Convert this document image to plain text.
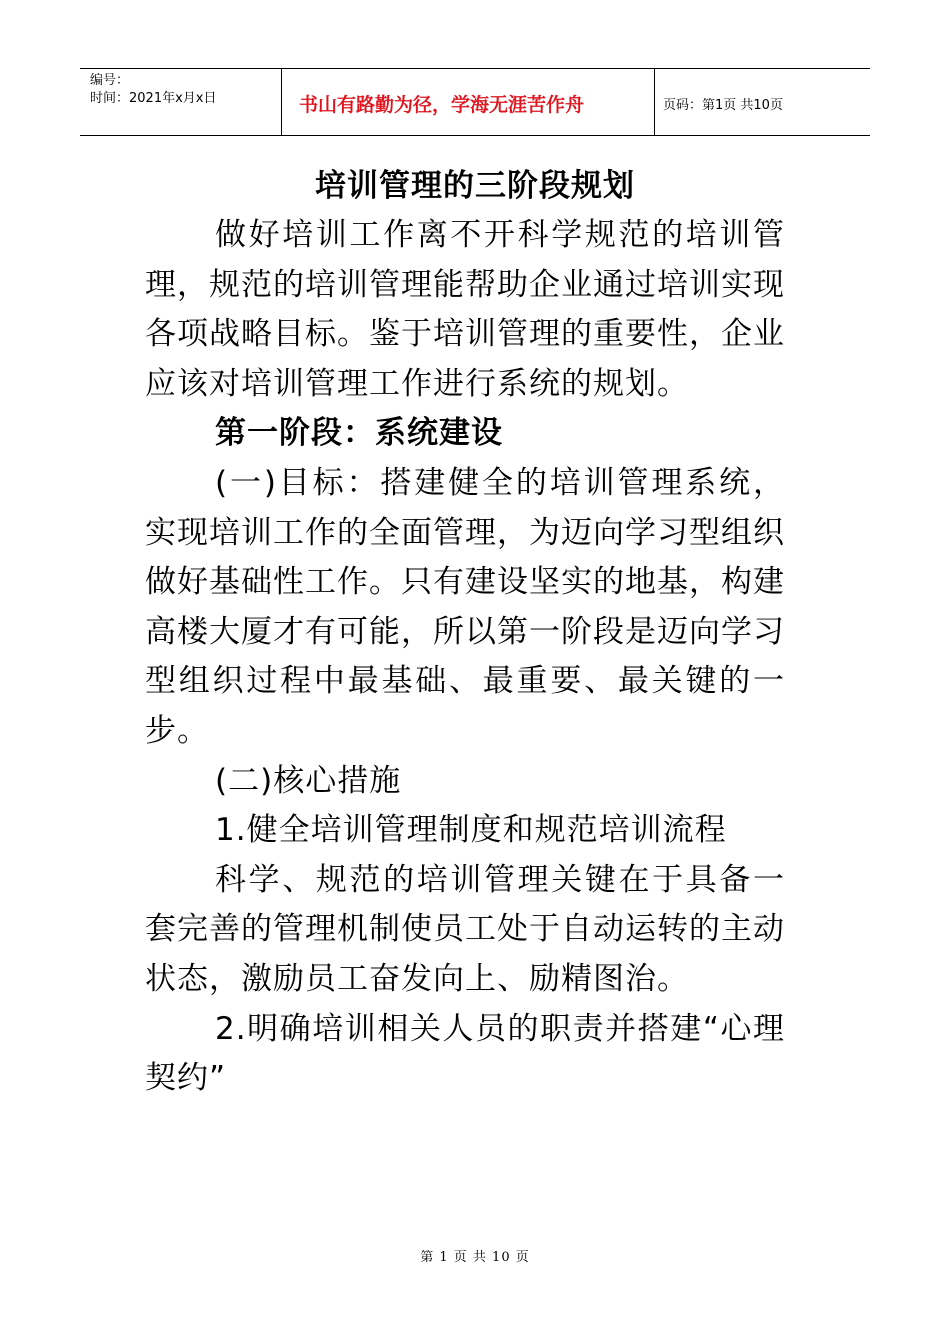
编号：
时间：2021年x月x日	书山有路勤为径，学海无涯苦作舟	页码：第1页 共10页
培训管理的三阶段规划

做好培训工作离不开科学规范的培训管理，规范的培训管理能帮助企业通过培训实现各项战略目标。鉴于培训管理的重要性，企业应该对培训管理工作进行系统的规划。

第一阶段：系统建设

(一)目标：搭建健全的培训管理系统，实现培训工作的全面管理，为迈向学习型组织做好基础性工作。只有建设坚实的地基，构建高楼大厦才有可能，所以第一阶段是迈向学习型组织过程中最基础、最重要、最关键的一步。

(二)核心措施

1.健全培训管理制度和规范培训流程

科学、规范的培训管理关键在于具备一套完善的管理机制使员工处于自动运转的主动状态，激励员工奋发向上、励精图治。

2.明确培训相关人员的职责并搭建“心理契约”

第 1 页 共 10 页
